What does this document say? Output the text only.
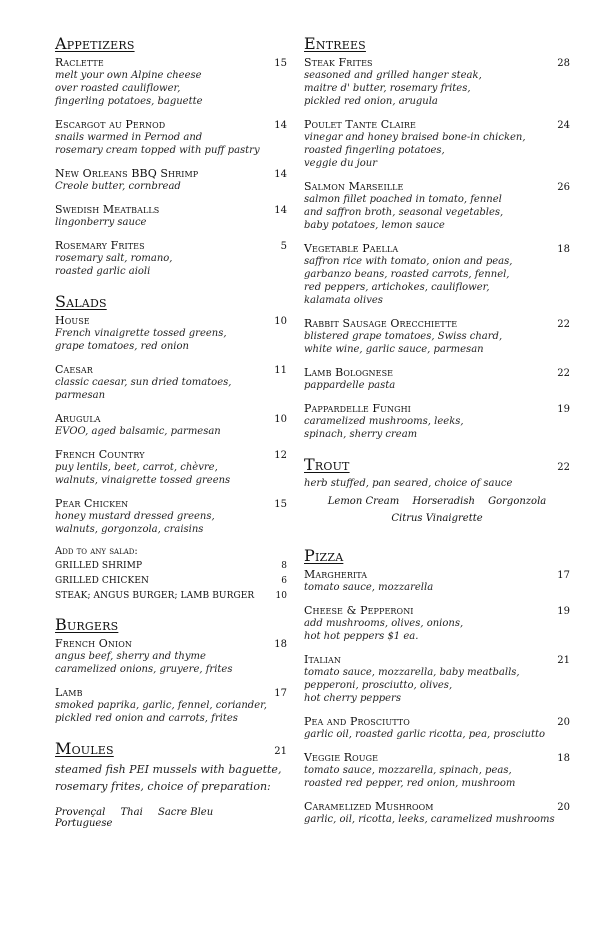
Appetizers
Raclette	15
melt your own Alpine cheese
over roasted cauliflower,
fingerling potatoes, baguette
Escargot au Pernod	14
snails warmed in Pernod and
rosemary cream topped with puff pastry
New Orleans BBQ Shrimp	14
Creole butter, cornbread
Swedish Meatballs	14
lingonberry sauce
Rosemary Frites	5
rosemary salt, romano,
roasted garlic aioli
Salads
House	10
French vinaigrette tossed greens,
grape tomatoes, red onion
Caesar	11
classic caesar, sun dried tomatoes,
parmesan
Arugula	10
EVOO, aged balsamic, parmesan
French Country	12
puy lentils, beet, carrot, chèvre,
walnuts, vinaigrette tossed greens
Pear Chicken	15
honey mustard dressed greens,
walnuts, gorgonzola, craisins
Add to any salad:
GRILLED SHRIMP	8
GRILLED CHICKEN	6
STEAK; ANGUS BURGER; LAMB BURGER 10
Burgers
French Onion	18
angus beef, sherry and thyme
caramelized onions, gruyere, frites
Lamb	17
smoked paprika, garlic, fennel, coriander,
pickled red onion and carrots, frites
Moules	21
steamed fish PEI mussels with baguette,
rosemary frites, choice of preparation:
Provençal Thai Sacre Bleu Portuguese
Entrees
Steak Frites	28
seasoned and grilled hanger steak,
maitre d' butter, rosemary frites,
pickled red onion, arugula
Poulet Tante Claire	24
vinegar and honey braised bone-in chicken,
roasted fingerling potatoes,
veggie du jour
Salmon Marseille	26
salmon fillet poached in tomato, fennel
and saffron broth, seasonal vegetables,
baby potatoes, lemon sauce
Vegetable Paella	18
saffron rice with tomato, onion and peas,
garbanzo beans, roasted carrots, fennel,
red peppers, artichokes, cauliflower,
kalamata olives
Rabbit Sausage Orecchiette	22
blistered grape tomatoes, Swiss chard,
white wine, garlic sauce, parmesan
Lamb Bolognese	22
pappardelle pasta
Pappardelle Funghi	19
caramelized mushrooms, leeks,
spinach, sherry cream
Trout	22
herb stuffed, pan seared, choice of sauce
Lemon Cream Horseradish Gorgonzola
Citrus Vinaigrette
Pizza
Margherita	17
tomato sauce, mozzarella
Cheese & Pepperoni	19
add mushrooms, olives, onions,
hot hot peppers $1 ea.
Italian	21
tomato sauce, mozzarella, baby meatballs,
pepperoni, prosciutto, olives,
hot cherry peppers
Pea and Prosciutto	20
garlic oil, roasted garlic ricotta, pea, prosciutto
Veggie Rouge	18
tomato sauce, mozzarella, spinach, peas,
roasted red pepper, red onion, mushroom
Caramelized Mushroom	20
garlic, oil, ricotta, leeks, caramelized mushrooms
